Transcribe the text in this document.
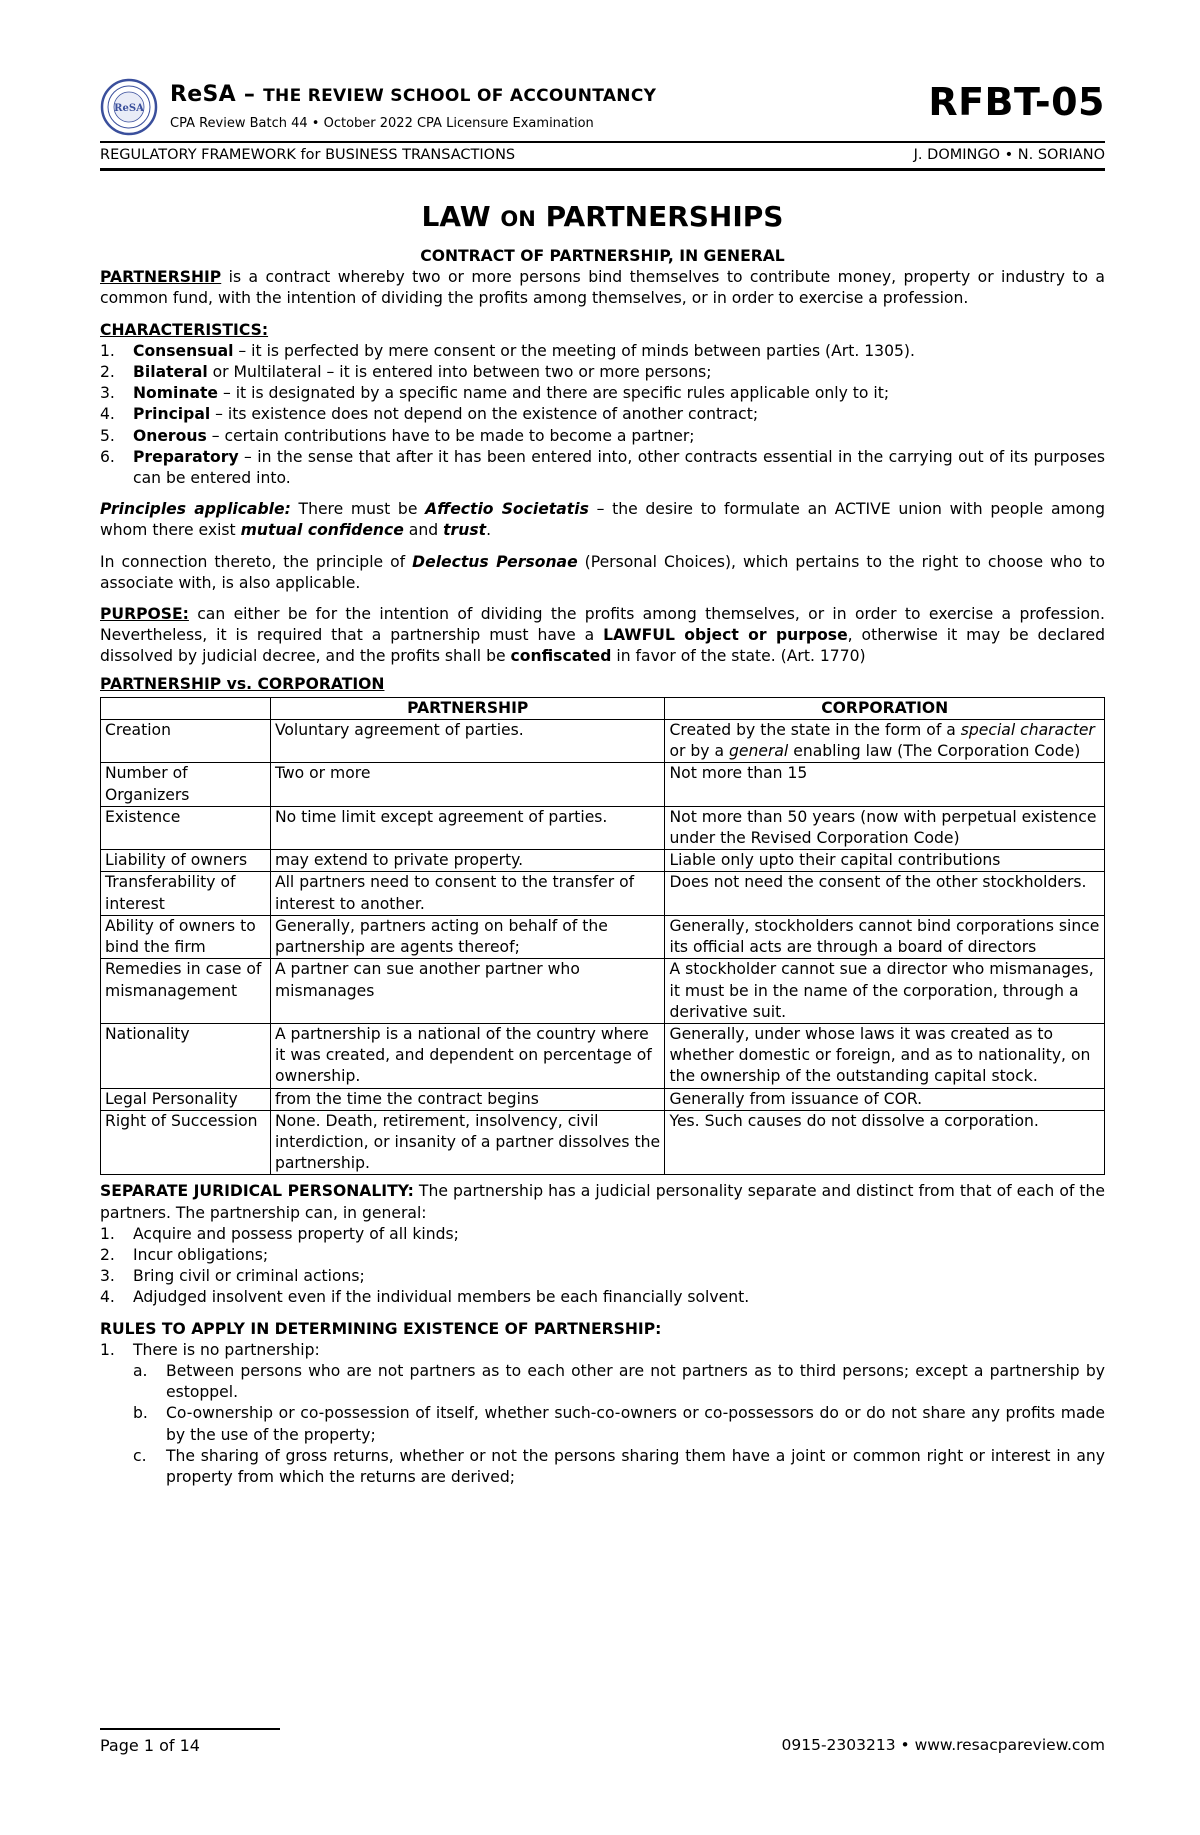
ReSA
ReSA – THE REVIEW SCHOOL OF ACCOUNTANCY
CPA Review Batch 44 • October 2022 CPA Licensure Examination	RFBT-05
REGULATORY FRAMEWORK for BUSINESS TRANSACTIONS	J. DOMINGO • N. SORIANO
LAW ON PARTNERSHIPS

CONTRACT OF PARTNERSHIP, IN GENERAL

PARTNERSHIP is a contract whereby two or more persons bind themselves to contribute money, property or industry to a common fund, with the intention of dividing the profits among themselves, or in order to exercise a profession.

CHARACTERISTICS:

1. Consensual – it is perfected by mere consent or the meeting of minds between parties (Art. 1305).
2. Bilateral or Multilateral – it is entered into between two or more persons;
3. Nominate – it is designated by a specific name and there are specific rules applicable only to it;
4. Principal – its existence does not depend on the existence of another contract;
5. Onerous – certain contributions have to be made to become a partner;
6. Preparatory – in the sense that after it has been entered into, other contracts essential in the carrying out of its purposes can be entered into.

Principles applicable: There must be Affectio Societatis – the desire to formulate an ACTIVE union with people among whom there exist mutual confidence and trust.

In connection thereto, the principle of Delectus Personae (Personal Choices), which pertains to the right to choose who to associate with, is also applicable.

PURPOSE: can either be for the intention of dividing the profits among themselves, or in order to exercise a profession. Nevertheless, it is required that a partnership must have a LAWFUL object or purpose, otherwise it may be declared dissolved by judicial decree, and the profits shall be confiscated in favor of the state. (Art. 1770)

PARTNERSHIP vs. CORPORATION

	PARTNERSHIP	CORPORATION
Creation	Voluntary agreement of parties.	Created by the state in the form of a special character or by a general enabling law (The Corporation Code)
Number of Organizers	Two or more	Not more than 15
Existence	No time limit except agreement of parties.	Not more than 50 years (now with perpetual existence under the Revised Corporation Code)
Liability of owners	may extend to private property.	Liable only upto their capital contributions
Transferability of interest	All partners need to consent to the transfer of interest to another.	Does not need the consent of the other stockholders.
Ability of owners to bind the firm	Generally, partners acting on behalf of the partnership are agents thereof;	Generally, stockholders cannot bind corporations since its official acts are through a board of directors
Remedies in case of mismanagement	A partner can sue another partner who mismanages	A stockholder cannot sue a director who mismanages, it must be in the name of the corporation, through a derivative suit.
Nationality	A partnership is a national of the country where it was created, and dependent on percentage of ownership.	Generally, under whose laws it was created as to whether domestic or foreign, and as to nationality, on the ownership of the outstanding capital stock.
Legal Personality	from the time the contract begins	Generally from issuance of COR.
Right of Succession	None. Death, retirement, insolvency, civil interdiction, or insanity of a partner dissolves the partnership.	Yes. Such causes do not dissolve a corporation.

SEPARATE JURIDICAL PERSONALITY: The partnership has a judicial personality separate and distinct from that of each of the partners. The partnership can, in general:

1. Acquire and possess property of all kinds;
2. Incur obligations;
3. Bring civil or criminal actions;
4. Adjudged insolvent even if the individual members be each financially solvent.

RULES TO APPLY IN DETERMINING EXISTENCE OF PARTNERSHIP:

1. There is no partnership:
a. Between persons who are not partners as to each other are not partners as to third persons; except a partnership by estoppel.
b. Co-ownership or co-possession of itself, whether such-co-owners or co-possessors do or do not share any profits made by the use of the property;
c. The sharing of gross returns, whether or not the persons sharing them have a joint or common right or interest in any property from which the returns are derived;
Page 1 of 14	0915-2303213 • www.resacpareview.com
